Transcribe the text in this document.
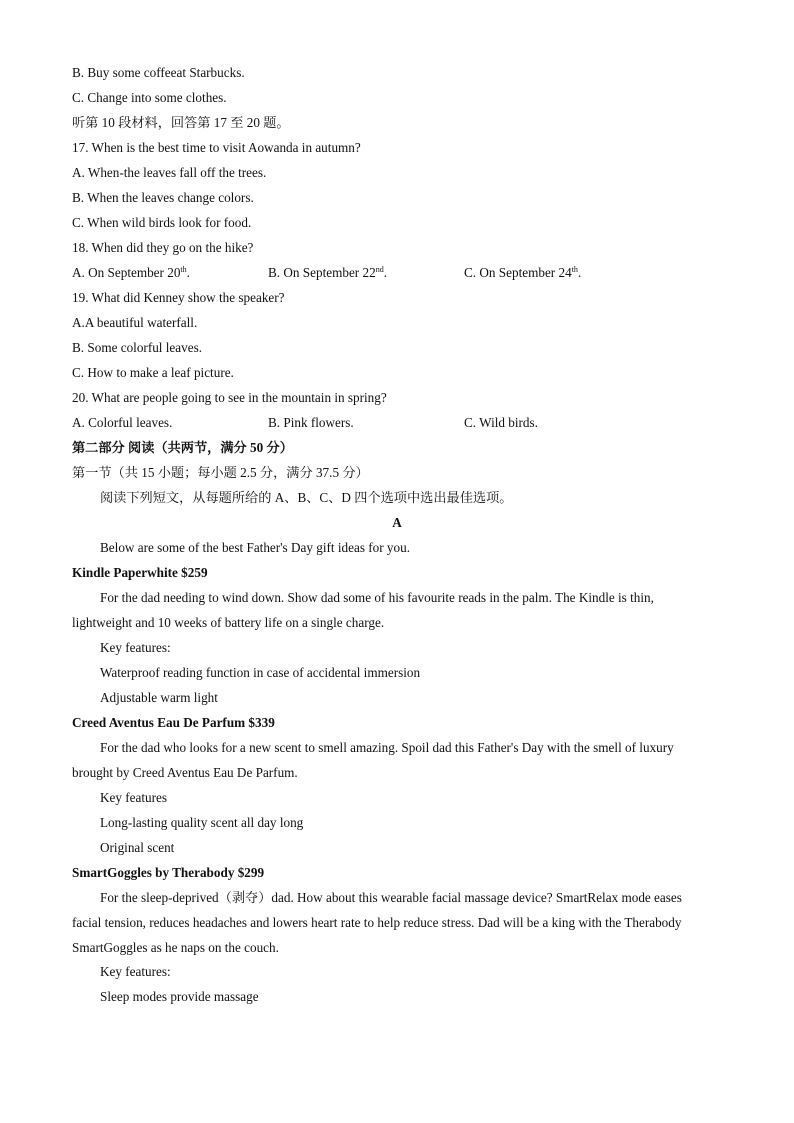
B. Buy some coffeeat Starbucks.
C. Change into some clothes.
听第 10 段材料，回答第 17 至 20 题。
17. When is the best time to visit Aowanda in autumn?
A. When-the leaves fall off the trees.
B. When the leaves change colors.
C. When wild birds look for food.
18. When did they go on the hike?
A. On September 20th.	B. On September 22nd.	C. On September 24th.
19. What did Kenney show the speaker?
A.A beautiful waterfall.
B. Some colorful leaves.
C. How to make a leaf picture.
20. What are people going to see in the mountain in spring?
A. Colorful leaves.	B. Pink flowers.	C. Wild birds.
第二部分 阅读（共两节，满分 50 分）
第一节（共 15 小题；每小题 2.5 分，满分 37.5 分）
阅读下列短文，从每题所给的 A、B、C、D 四个选项中选出最佳选项。
A
Below are some of the best Father's Day gift ideas for you.
Kindle Paperwhite $259
For the dad needing to wind down. Show dad some of his favourite reads in the palm. The Kindle is thin,
lightweight and 10 weeks of battery life on a single charge.
Key features:
Waterproof reading function in case of accidental immersion
Adjustable warm light
Creed Aventus Eau De Parfum $339
For the dad who looks for a new scent to smell amazing. Spoil dad this Father's Day with the smell of luxury
brought by Creed Aventus Eau De Parfum.
Key features
Long-lasting quality scent all day long
Original scent
SmartGoggles by Therabody $299
For the sleep-deprived（剥夺）dad. How about this wearable facial massage device? SmartRelax mode eases
facial tension, reduces headaches and lowers heart rate to help reduce stress. Dad will be a king with the Therabody
SmartGoggles as he naps on the couch.
Key features:
Sleep modes provide massage
